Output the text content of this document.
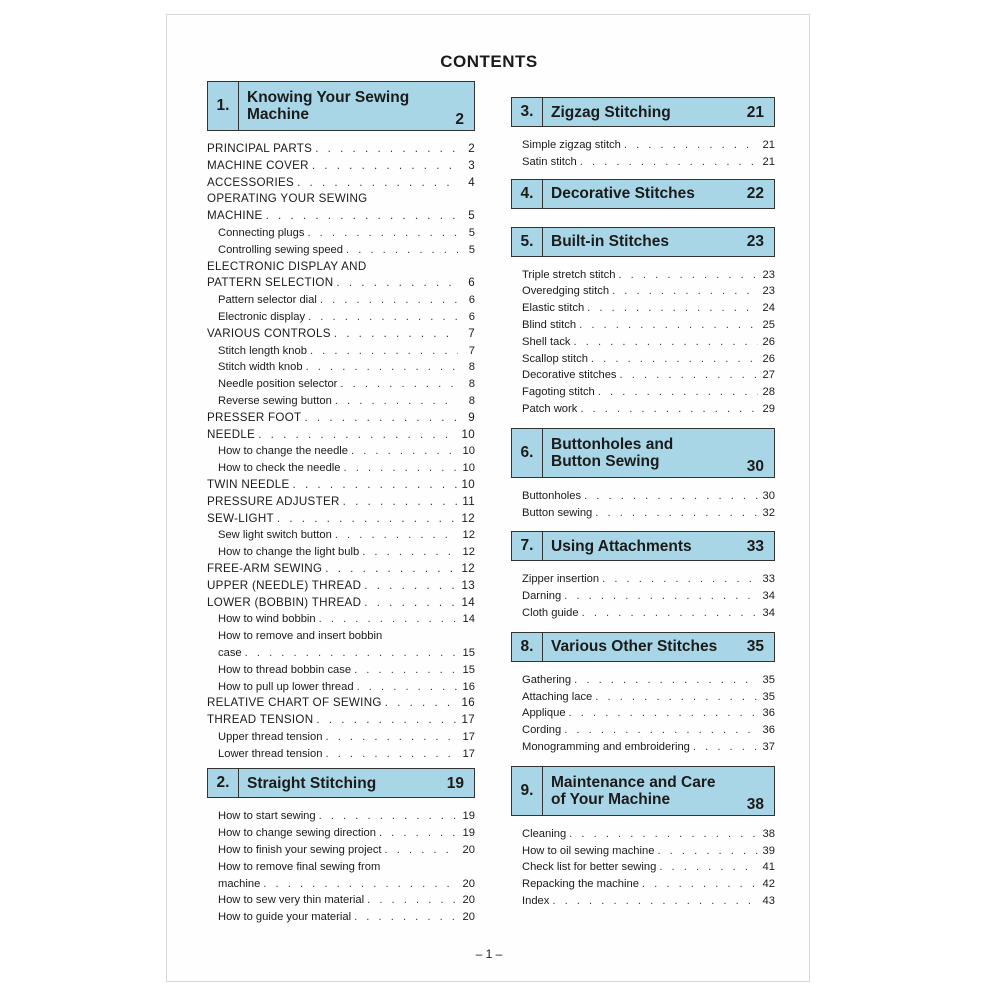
CONTENTS
1.	Knowing Your Sewing
Machine	2
PRINCIPAL PARTS . . .	2
MACHINE COVER . . .	3
ACCESSORIES . . .	4
OPERATING YOUR SEWING
MACHINE . . .	5
Connecting plugs . . .	5
Controlling sewing speed . . .	5
ELECTRONIC DISPLAY AND
PATTERN SELECTION . . .	6
Pattern selector dial . . .	6
Electronic display . . .	6
VARIOUS CONTROLS . . .	7
Stitch length knob . . .	7
Stitch width knob . . .	8
Needle position selector . . .	8
Reverse sewing button . . .	8
PRESSER FOOT . . .	9
NEEDLE . . .	10
How to change the needle . . .	10
How to check the needle . . .	10
TWIN NEEDLE . . .	10
PRESSURE ADJUSTER . . .	11
SEW-LIGHT . . .	12
Sew light switch button . . .	12
How to change the light bulb . . .	12
FREE-ARM SEWING . . .	12
UPPER (NEEDLE) THREAD . . .	13
LOWER (BOBBIN) THREAD . . .	14
How to wind bobbin . . .	14
How to remove and insert bobbin
case . . .	15
How to thread bobbin case . . .	15
How to pull up lower thread . . .	16
RELATIVE CHART OF SEWING . . .	16
THREAD TENSION . . .	17
Upper thread tension . . .	17
Lower thread tension . . .	17
2.	Straight Stitching	19
How to start sewing . . .	19
How to change sewing direction . . .	19
How to finish your sewing project . . .	20
How to remove final sewing from
machine . . .	20
How to sew very thin material . . .	20
How to guide your material . . .	20
3.	Zigzag Stitching	21
Simple zigzag stitch . . .	21
Satin stitch . . .	21
4.	Decorative Stitches	22
5.	Built-in Stitches	23
Triple stretch stitch . . .	23
Overedging stitch . . .	23
Elastic stitch . . .	24
Blind stitch . . .	25
Shell tack . . .	26
Scallop stitch . . .	26
Decorative stitches . . .	27
Fagoting stitch . . .	28
Patch work . . .	29
6.	Buttonholes and
Button Sewing	30
Buttonholes . . .	30
Button sewing . . .	32
7.	Using Attachments	33
Zipper insertion . . .	33
Darning . . .	34
Cloth guide . . .	34
8.	Various Other Stitches 35
Gathering . . .	35
Attaching lace . . .	35
Applique . . .	36
Cording . . .	36
Monogramming and embroidering . . .	37
9.	Maintenance and Care
of Your Machine	38
Cleaning . . .	38
How to oil sewing machine . . .	39
Check list for better sewing . . .	41
Repacking the machine . . .	42
Index . . .	43
– 1 –
